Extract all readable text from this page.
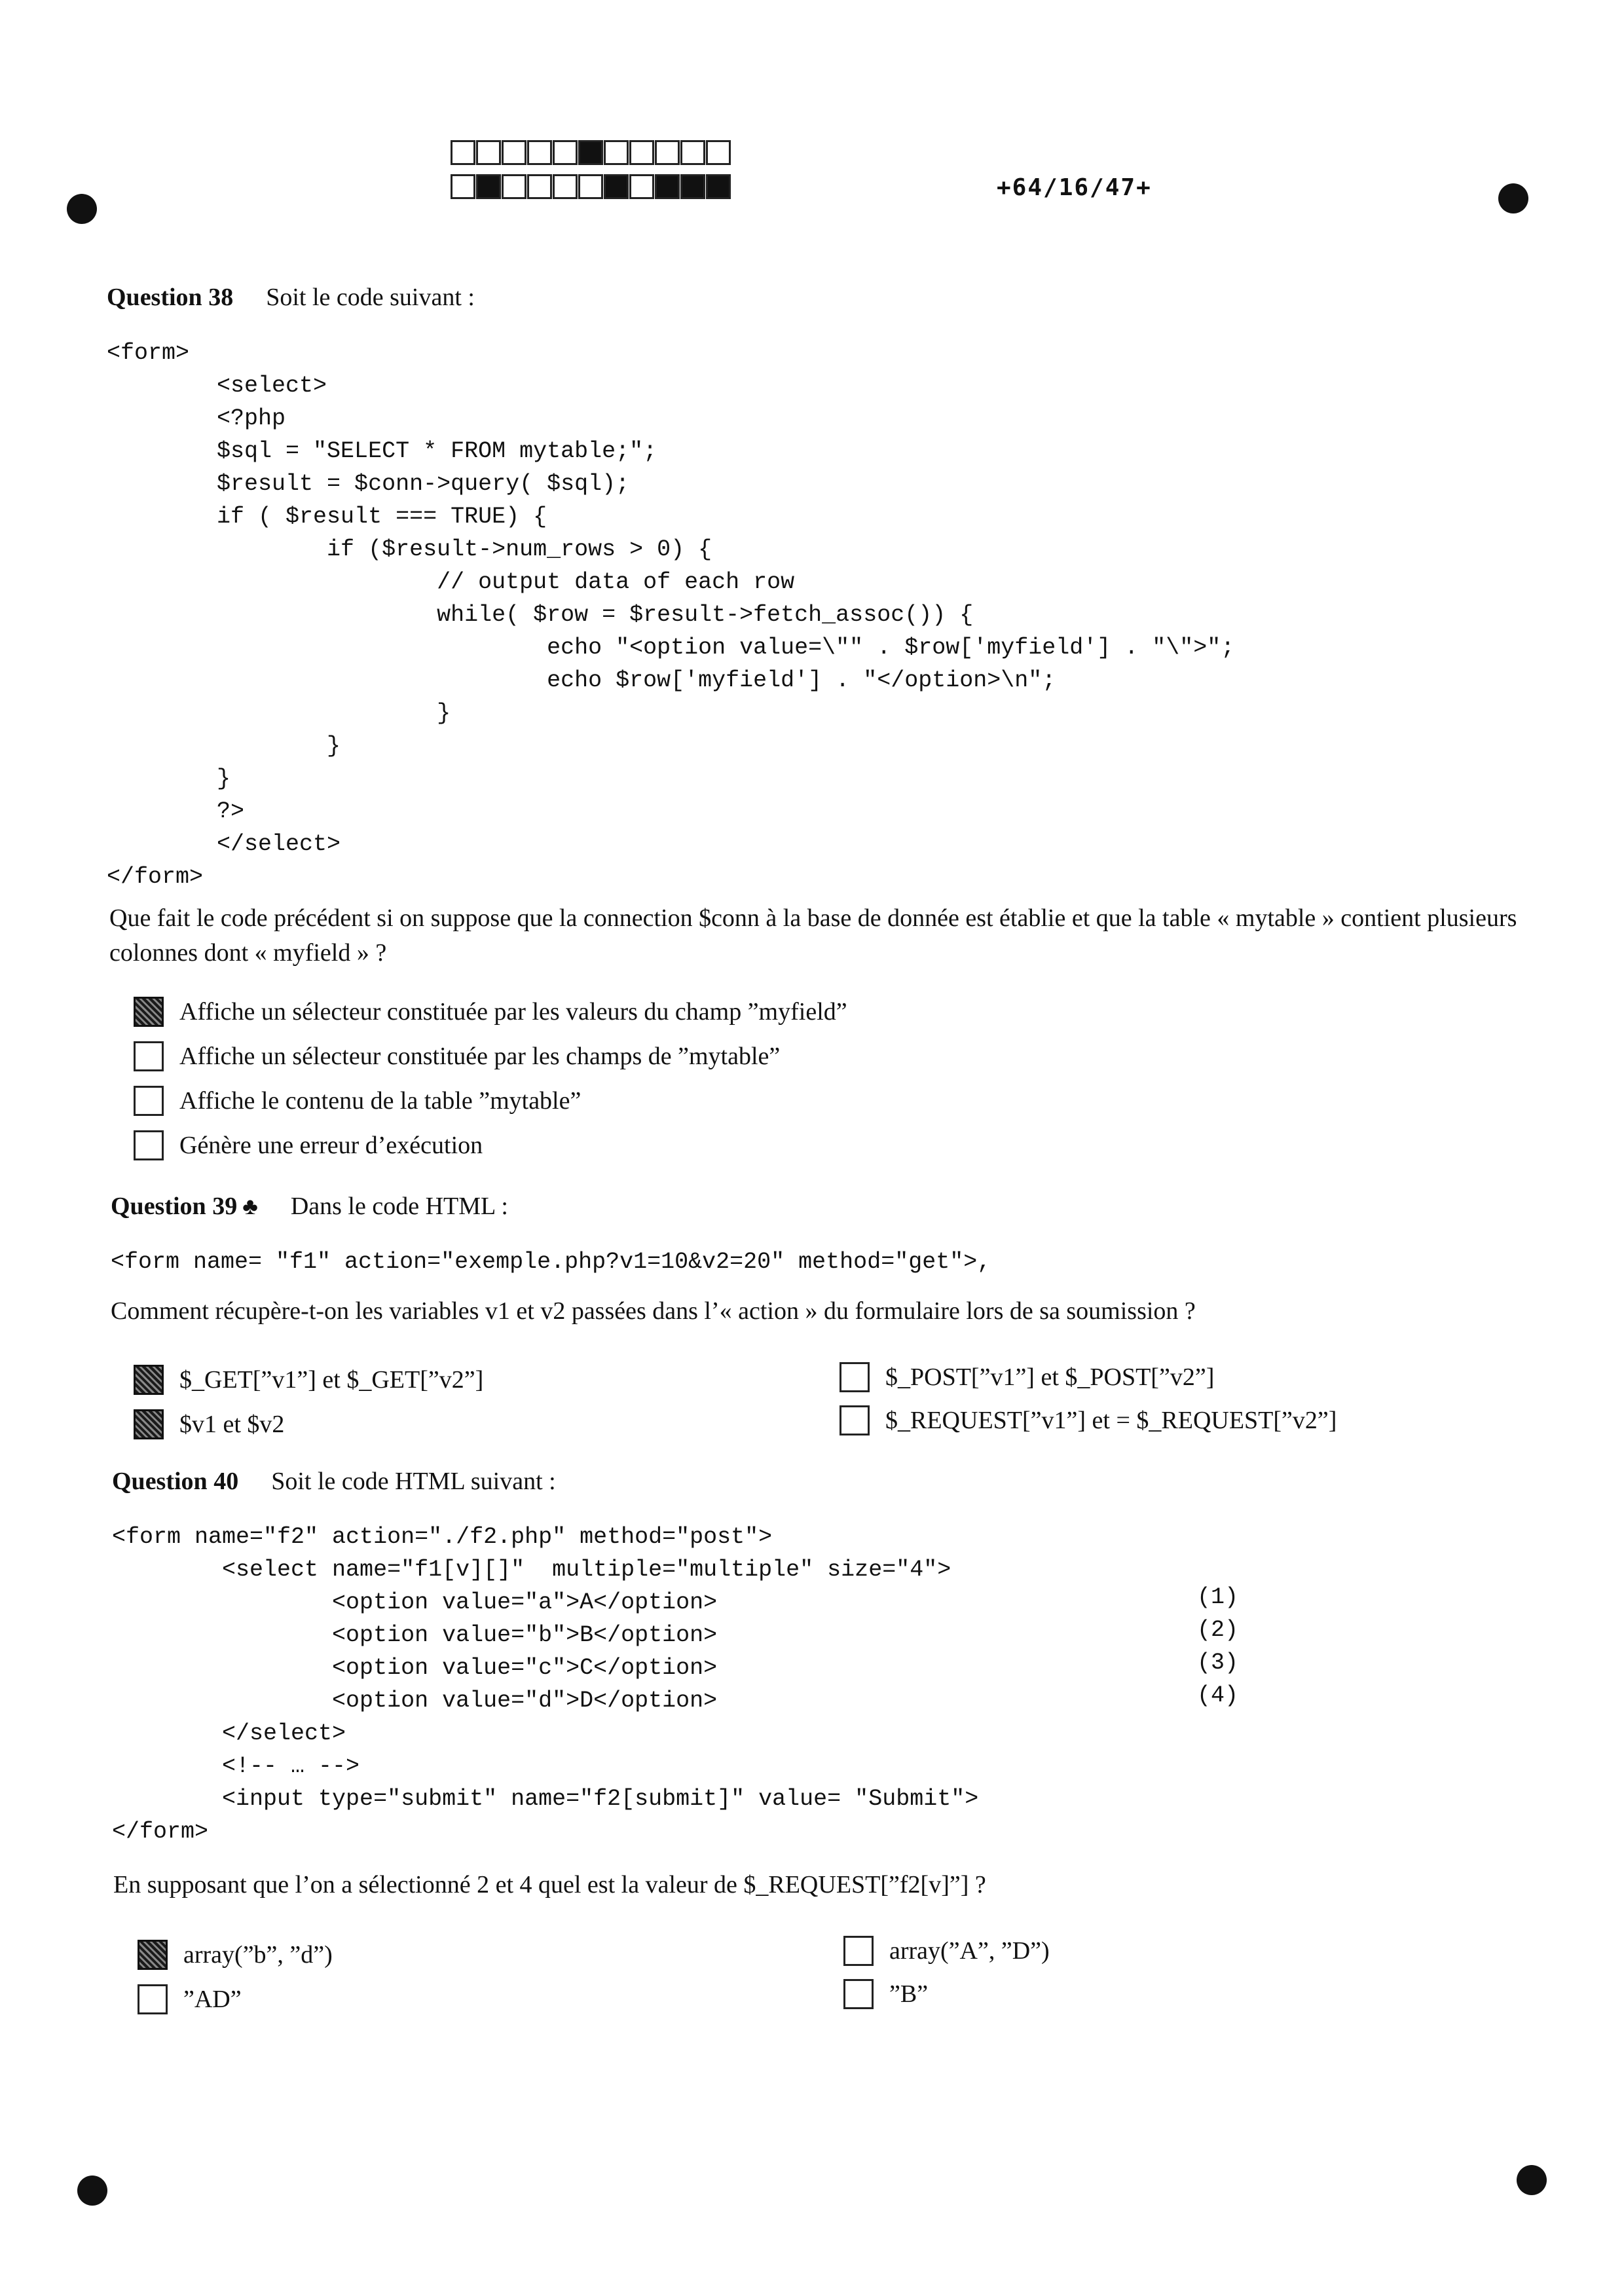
+64/16/47+
Question 38 Soit le code suivant :
<form>
<select>
<?php
$sql = "SELECT * FROM mytable;";
$result = $conn->query( $sql);
if ( $result === TRUE) {
if ($result->num_rows > 0) {
// output data of each row
while( $row = $result->fetch_assoc()) {
echo "<option value=\"" . $row['myfield'] . "\">";
echo $row['myfield'] . "</option>\n";
}
}
}
?>
</select>
</form>
Que fait le code précédent si on suppose que la connection $conn à la base de donnée est établie et que la table « mytable » contient plusieurs colonnes dont « myfield » ?
Affiche un sélecteur constituée par les valeurs du champ ”myfield”
Affiche un sélecteur constituée par les champs de ”mytable”
Affiche le contenu de la table ”mytable”
Génère une erreur d’exécution
Question 39 ♣ Dans le code HTML :
<form name= "f1" action="exemple.php?v1=10&v2=20" method="get">,
Comment récupère-t-on les variables v1 et v2 passées dans l’« action » du formulaire lors de sa soumission ?
$_GET[”v1”] et $_GET[”v2”]
$v1 et $v2
$_POST[”v1”] et $_POST[”v2”]
$_REQUEST[”v1”] et = $_REQUEST[”v2”]
Question 40 Soit le code HTML suivant :
<form name="f2" action="./f2.php" method="post">
<select name="f1[v][]"  multiple="multiple" size="4">
<option value="a">A</option>
<option value="b">B</option>
<option value="c">C</option>
<option value="d">D</option>
</select>
<!-- … -->
<input type="submit" name="f2[submit]" value= "Submit">
</form>
(1)
(2)
(3)
(4)
En supposant que l’on a sélectionné 2 et 4 quel est la valeur de $_REQUEST[”f2[v]”] ?
array(”b”, ”d”)
”AD”
array(”A”, ”D”)
”B”
